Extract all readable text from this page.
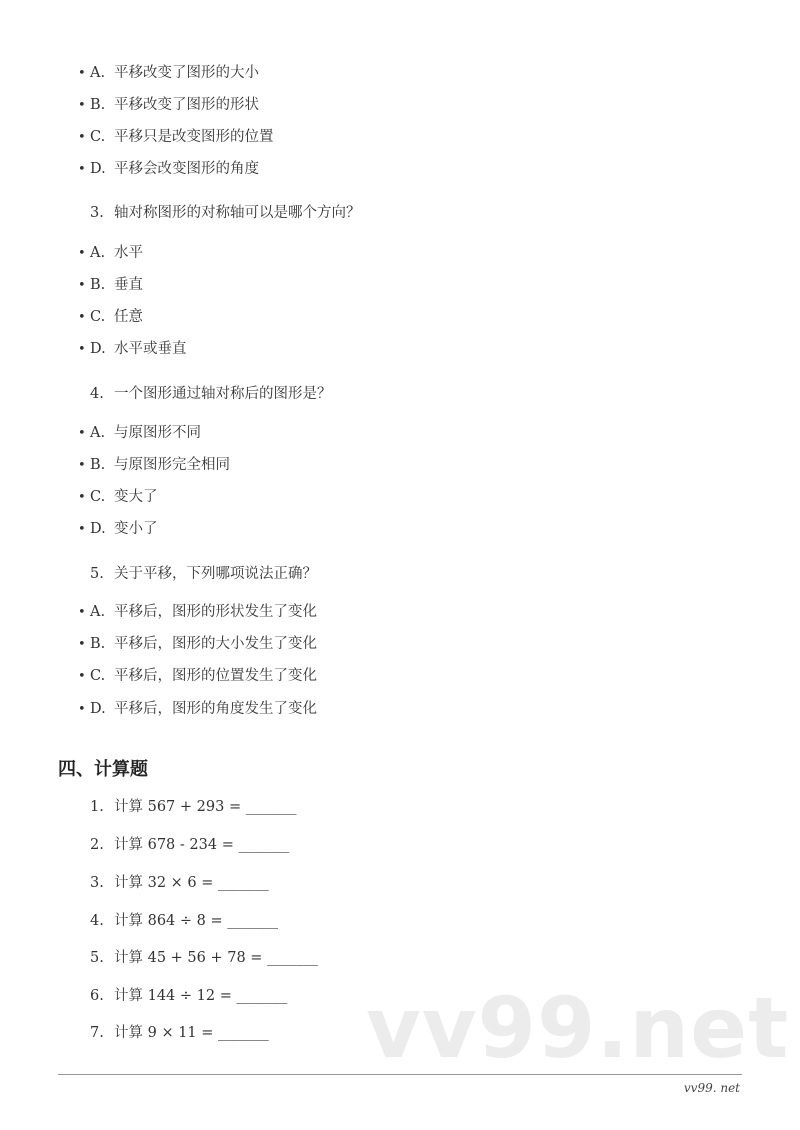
• A. 平移改变了图形的大小
• B. 平移改变了图形的形状
• C. 平移只是改变图形的位置
• D. 平移会改变图形的角度
3. 轴对称图形的对称轴可以是哪个方向？
• A. 水平
• B. 垂直
• C. 任意
• D. 水平或垂直
4. 一个图形通过轴对称后的图形是？
• A. 与原图形不同
• B. 与原图形完全相同
• C. 变大了
• D. 变小了
5. 关于平移，下列哪项说法正确？
• A. 平移后，图形的形状发生了变化
• B. 平移后，图形的大小发生了变化
• C. 平移后，图形的位置发生了变化
• D. 平移后，图形的角度发生了变化
四、计算题
1. 计算 567 + 293 = _______
2. 计算 678 - 234 = _______
3. 计算 32 × 6 = _______
4. 计算 864 ÷ 8 = _______
5. 计算 45 + 56 + 78 = _______
6. 计算 144 ÷ 12 = _______
7. 计算 9 × 11 = _______ vv99.net
vv99. net
